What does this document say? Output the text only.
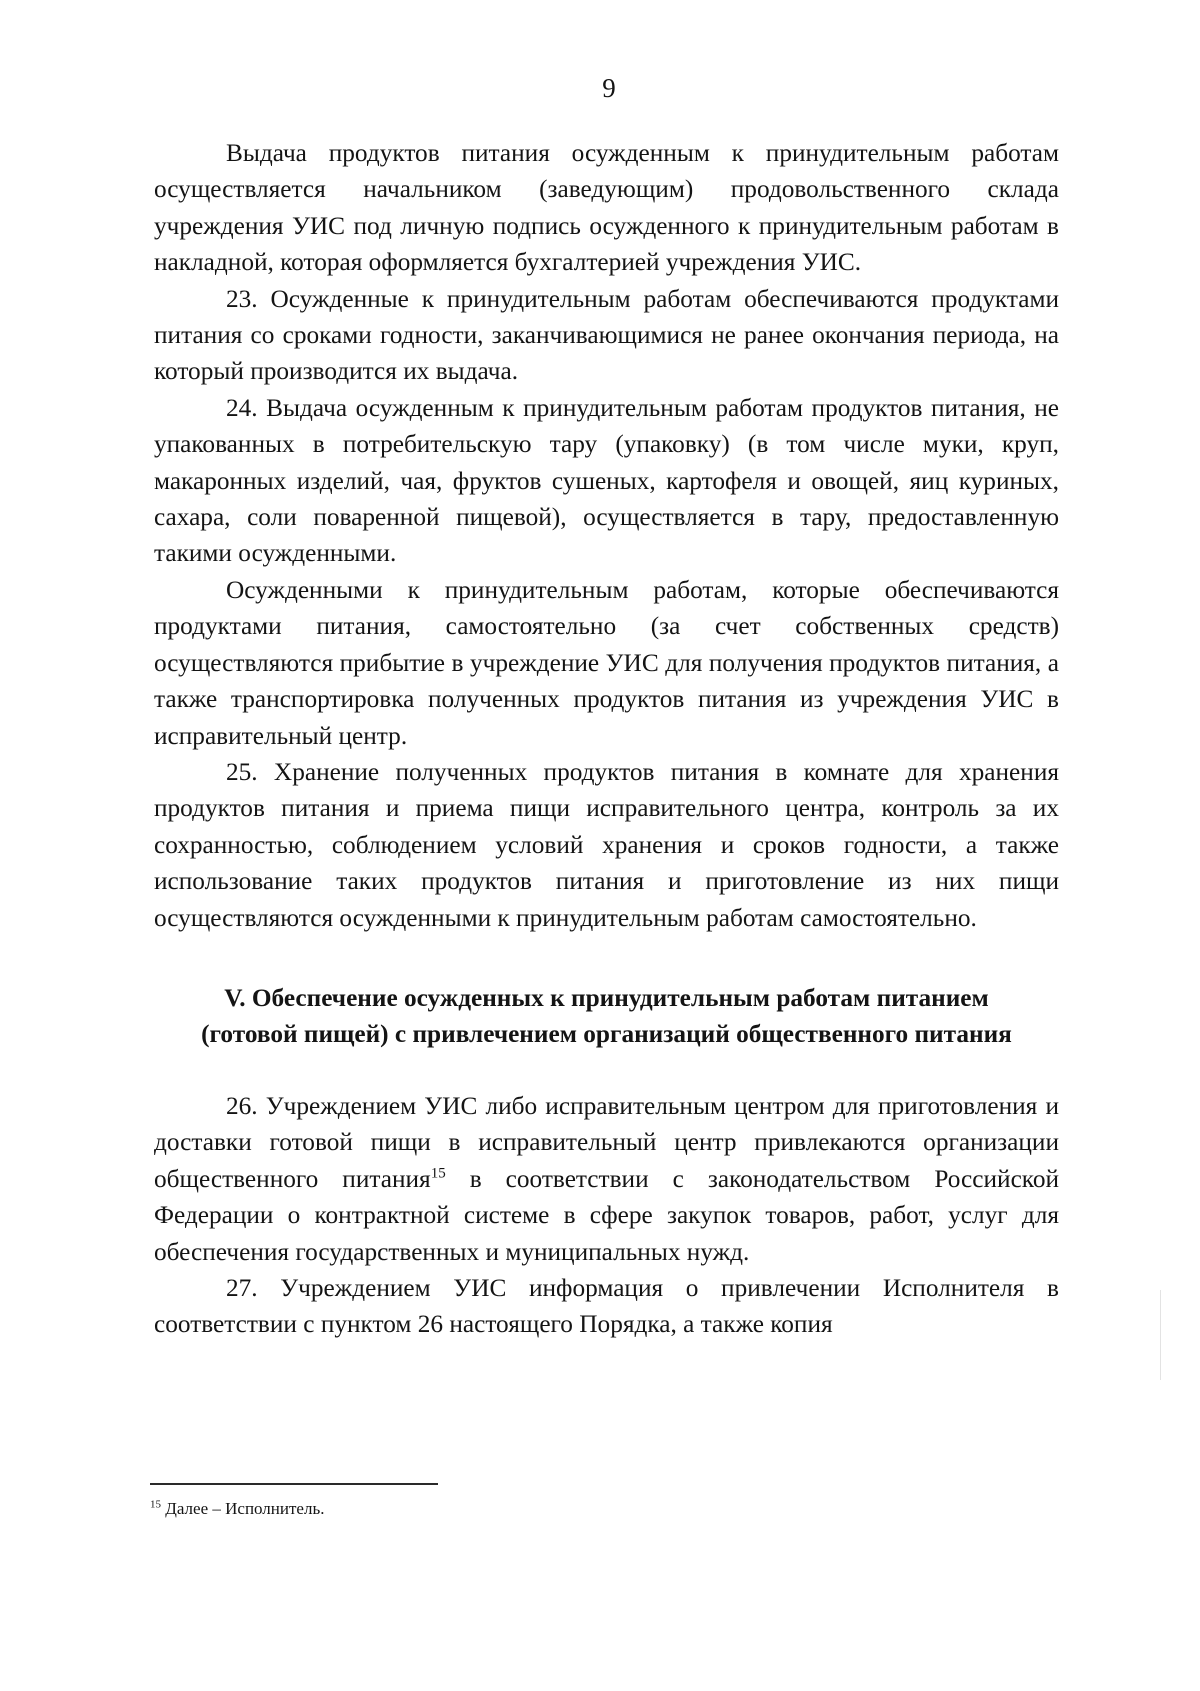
9

Выдача продуктов питания осужденным к принудительным работам осуществляется начальником (заведующим) продовольственного склада учреждения УИС под личную подпись осужденного к принудительным работам в накладной, которая оформляется бухгалтерией учреждения УИС.

23. Осужденные к принудительным работам обеспечиваются продуктами питания со сроками годности, заканчивающимися не ранее окончания периода, на который производится их выдача.

24. Выдача осужденным к принудительным работам продуктов питания, не упакованных в потребительскую тару (упаковку) (в том числе муки, круп, макаронных изделий, чая, фруктов сушеных, картофеля и овощей, яиц куриных, сахара, соли поваренной пищевой), осуществляется в тару, предоставленную такими осужденными.

Осужденными к принудительным работам, которые обеспечиваются продуктами питания, самостоятельно (за счет собственных средств) осуществляются прибытие в учреждение УИС для получения продуктов питания, а также транспортировка полученных продуктов питания из учреждения УИС в исправительный центр.

25. Хранение полученных продуктов питания в комнате для хранения продуктов питания и приема пищи исправительного центра, контроль за их сохранностью, соблюдением условий хранения и сроков годности, а также использование таких продуктов питания и приготовление из них пищи осуществляются осужденными к принудительным работам самостоятельно.

V. Обеспечение осужденных к принудительным работам питанием
(готовой пищей) с привлечением организаций общественного питания

26. Учреждением УИС либо исправительным центром для приготовления и доставки готовой пищи в исправительный центр привлекаются организации общественного питания$^{15}$ в соответствии с законодательством Российской Федерации о контрактной системе в сфере закупок товаров, работ, услуг для обеспечения государственных и муниципальных нужд.

27. Учреждением УИС информация о привлечении Исполнителя в соответствии с пунктом 26 настоящего Порядка, а также копия

$^{15}$ Далее – Исполнитель.
